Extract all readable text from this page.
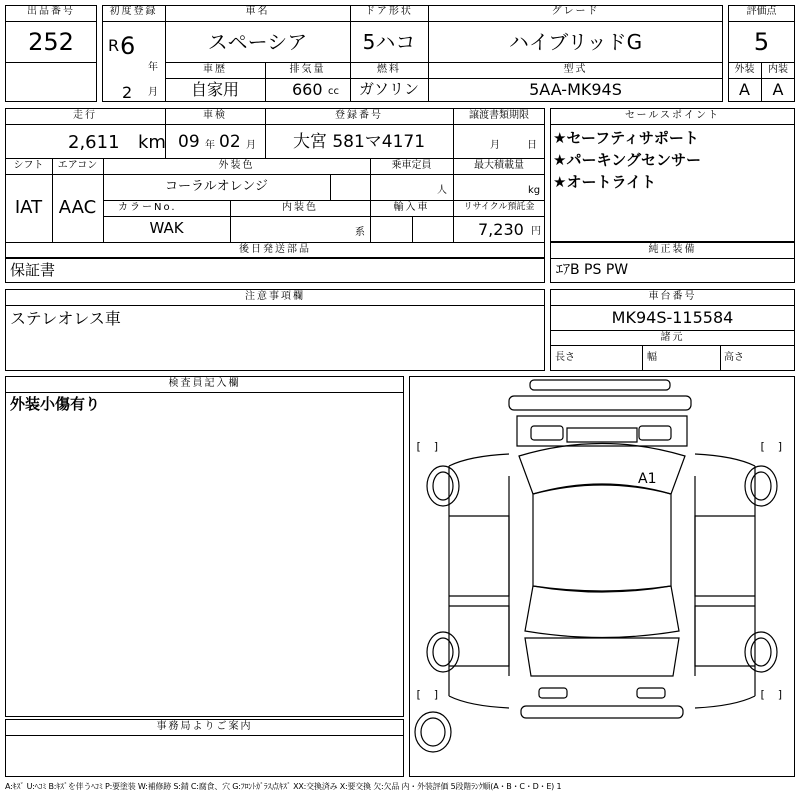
出品番号
252
初度登録
R 6
年
2 月
車名
スペーシア
ドア形状
5ハコ
グレード
ハイブリッドG
車歴
自家用
排気量
660 cc
燃料
ガソリン
型式
5AA-MK94S
評価点
5
外装	内装
A	A
走行
2,611 km
車検
09 年 02 月
登録番号
大宮 581マ4171
譲渡書類期限
月	日
シフト
IAT
エアコン
AAC
外装色
コーラルオレンジ
乗車定員
人
最大積載量
kg
カラーNo.
WAK
内装色
系
輸入車	リサイクル預託金
7,230 円
後日発送部品
保証書
セールスポイント
★セーフティサポート
★パーキングセンサー
★オートライト
純正装備
ｴｱB PS PW
注意事項欄
ステレオレス車
車台番号
MK94S-115584
諸元
長さ	幅	高さ
検査員記入欄
外装小傷有り
事務局よりご案内
[ ]	[ ]
[ ]	[ ]
A1
A:ｷｽﾞ U:ﾍｺﾐ B:ｷｽﾞを伴うﾍｺﾐ P:要塗装 W:補修跡 S:錆 C:腐食、穴 G:ﾌﾛﾝﾄｶﾞﾗｽ点ｷｽﾞ XX:交換済み X:要交換 欠:欠品 内・外装評価 5段階ﾗﾝｸ順(A・B・C・D・E) 1
